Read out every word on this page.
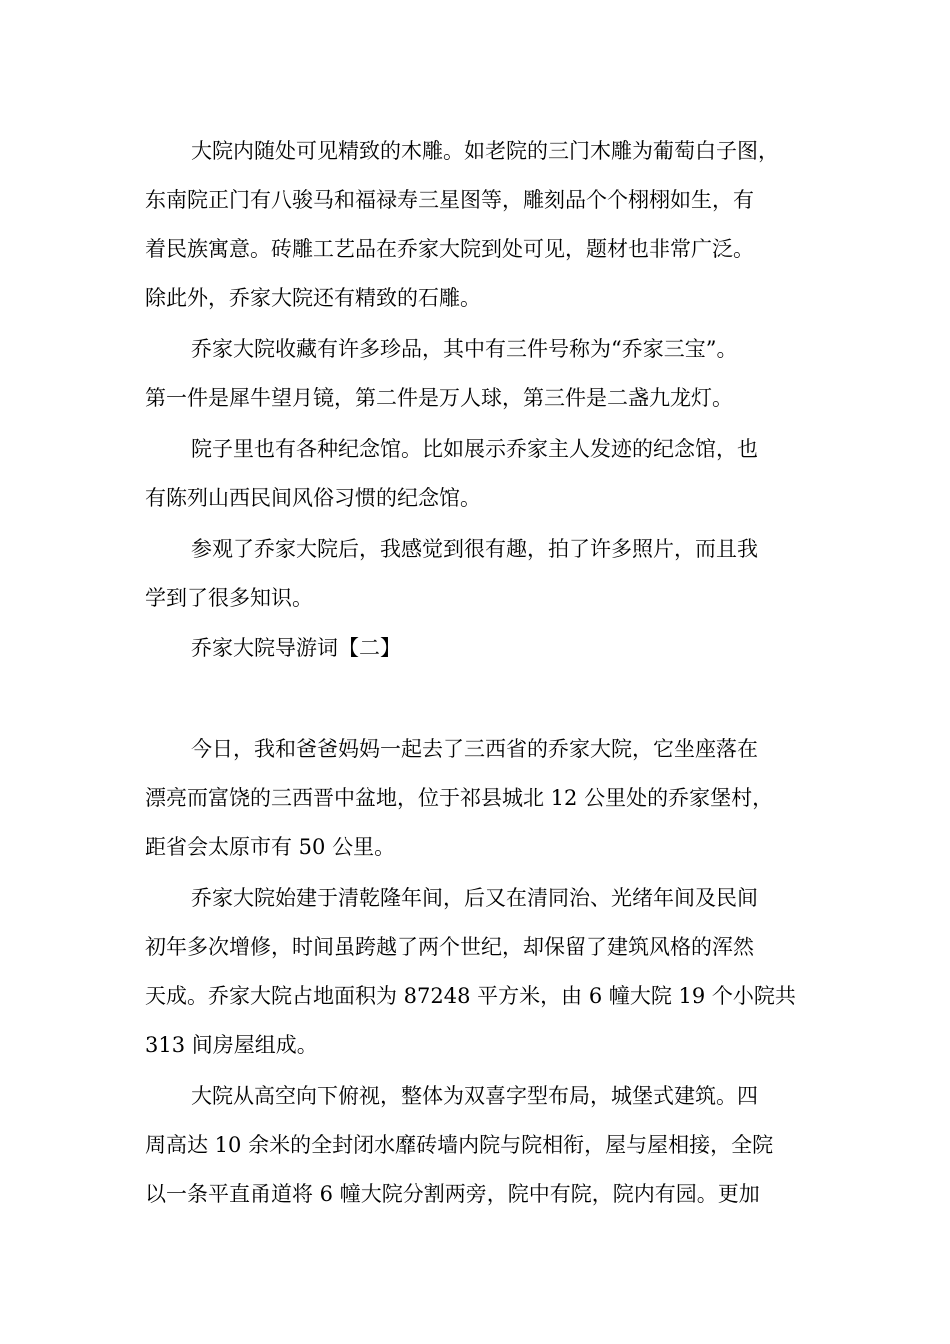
大院内随处可见精致的木雕。如老院的三门木雕为葡萄白子图，
东南院正门有八骏马和福禄寿三星图等，雕刻品个个栩栩如生，有
着民族寓意。砖雕工艺品在乔家大院到处可见，题材也非常广泛。
除此外，乔家大院还有精致的石雕。
乔家大院收藏有许多珍品，其中有三件号称为“乔家三宝”。
第一件是犀牛望月镜，第二件是万人球，第三件是二盏九龙灯。
院子里也有各种纪念馆。比如展示乔家主人发迹的纪念馆，也
有陈列山西民间风俗习惯的纪念馆。
参观了乔家大院后，我感觉到很有趣，拍了许多照片，而且我
学到了很多知识。
乔家大院导游词【二】
今日，我和爸爸妈妈一起去了三西省的乔家大院，它坐座落在
漂亮而富饶的三西晋中盆地，位于祁县城北 12 公里处的乔家堡村，
距省会太原市有 50 公里。
乔家大院始建于清乾隆年间，后又在清同治、光绪年间及民间
初年多次增修，时间虽跨越了两个世纪，却保留了建筑风格的浑然
天成。乔家大院占地面积为 87248 平方米，由 6 幢大院 19 个小院共
313 间房屋组成。
大院从高空向下俯视，整体为双喜字型布局，城堡式建筑。四
周高达 10 余米的全封闭水靡砖墙内院与院相衔，屋与屋相接，全院
以一条平直甬道将 6 幢大院分割两旁，院中有院，院内有园。更加
